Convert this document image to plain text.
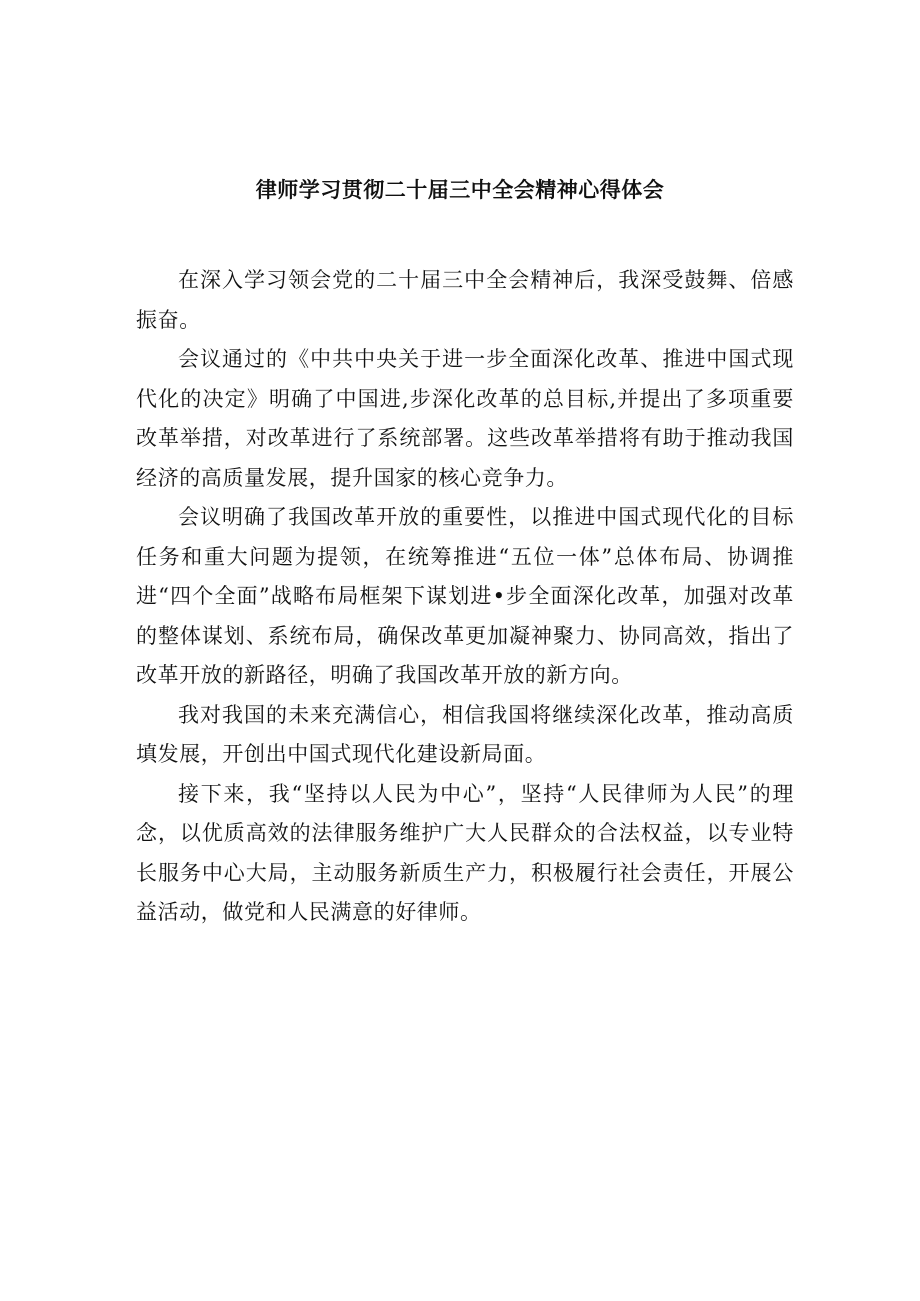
律师学习贯彻二十届三中全会精神心得体会

在深入学习领会党的二十届三中全会精神后，我深受鼓舞、倍感振奋。

会议通过的《中共中央关于进一步全面深化改革、推进中国式现代化的决定》明确了中国进,步深化改革的总目标,并提出了多项重要改革举措，对改革进行了系统部署。这些改革举措将有助于推动我国经济的高质量发展，提升国家的核心竞争力。

会议明确了我国改革开放的重要性，以推进中国式现代化的目标任务和重大问题为提领，在统筹推进“五位一体”总体布局、协调推进“四个全面”战略布局框架下谋划进•步全面深化改革，加强对改革的整体谋划、系统布局，确保改革更加凝神聚力、协同高效，指出了改革开放的新路径，明确了我国改革开放的新方向。

我对我国的未来充满信心，相信我国将继续深化改革，推动高质填发展，开创出中国式现代化建设新局面。

接下来，我“坚持以人民为中心”，坚持“人民律师为人民”的理念，以优质高效的法律服务维护广大人民群众的合法权益，以专业特长服务中心大局，主动服务新质生产力，积极履行社会责任，开展公益活动，做党和人民满意的好律师。
